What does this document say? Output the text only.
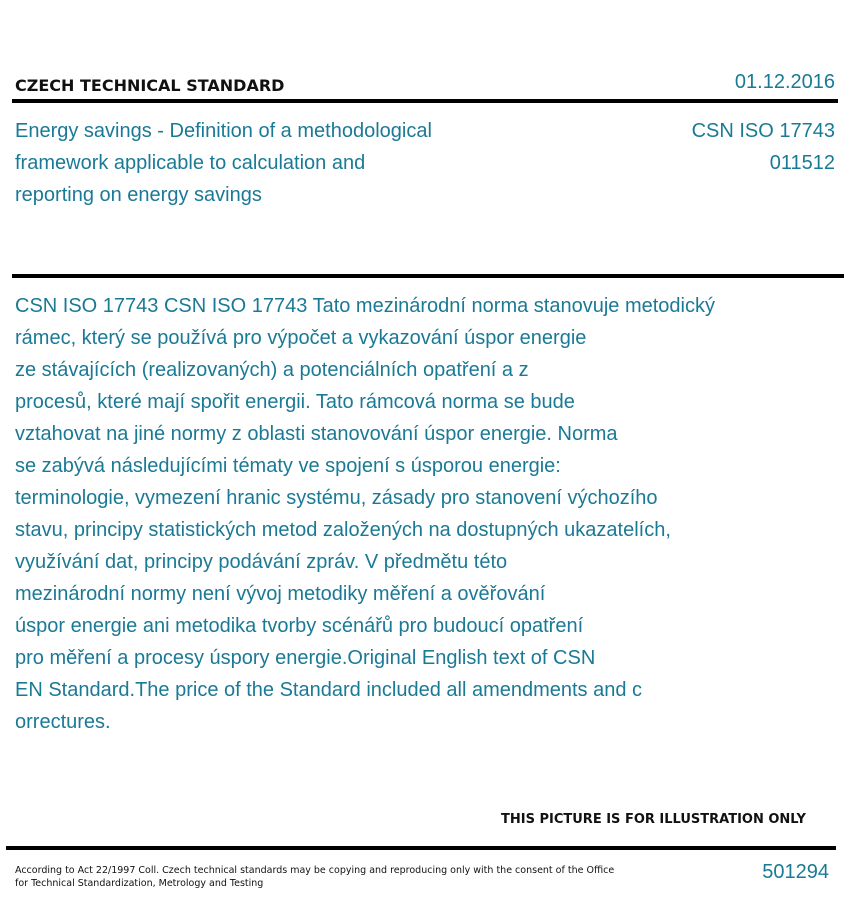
CZECH TECHNICAL STANDARD	01.12.2016
Energy savings - Definition of a methodological
framework applicable to calculation and
reporting on energy savings
CSN ISO 17743
011512
CSN ISO 17743 CSN ISO 17743 Tato mezinárodní norma stanovuje metodický
rámec, který se používá pro výpočet a vykazování úspor energie
ze stávajících (realizovaných) a potenciálních opatření a z
procesů, které mají spořit energii. Tato rámcová norma se bude
vztahovat na jiné normy z oblasti stanovování úspor energie. Norma
se zabývá následujícími tématy ve spojení s úsporou energie:
terminologie, vymezení hranic systému, zásady pro stanovení výchozího
stavu, principy statistických metod založených na dostupných ukazatelích,
využívání dat, principy podávání zpráv. V předmětu této
mezinárodní normy není vývoj metodiky měření a ověřování
úspor energie ani metodika tvorby scénářů pro budoucí opatření
pro měření a procesy úspory energie.Original English text of CSN
EN Standard.The price of the Standard included all amendments and c
orrectures.
THIS PICTURE IS FOR ILLUSTRATION ONLY
According to Act 22/1997 Coll. Czech technical standards may be copying and reproducing only with the consent of the Office
for Technical Standardization, Metrology and Testing
501294
